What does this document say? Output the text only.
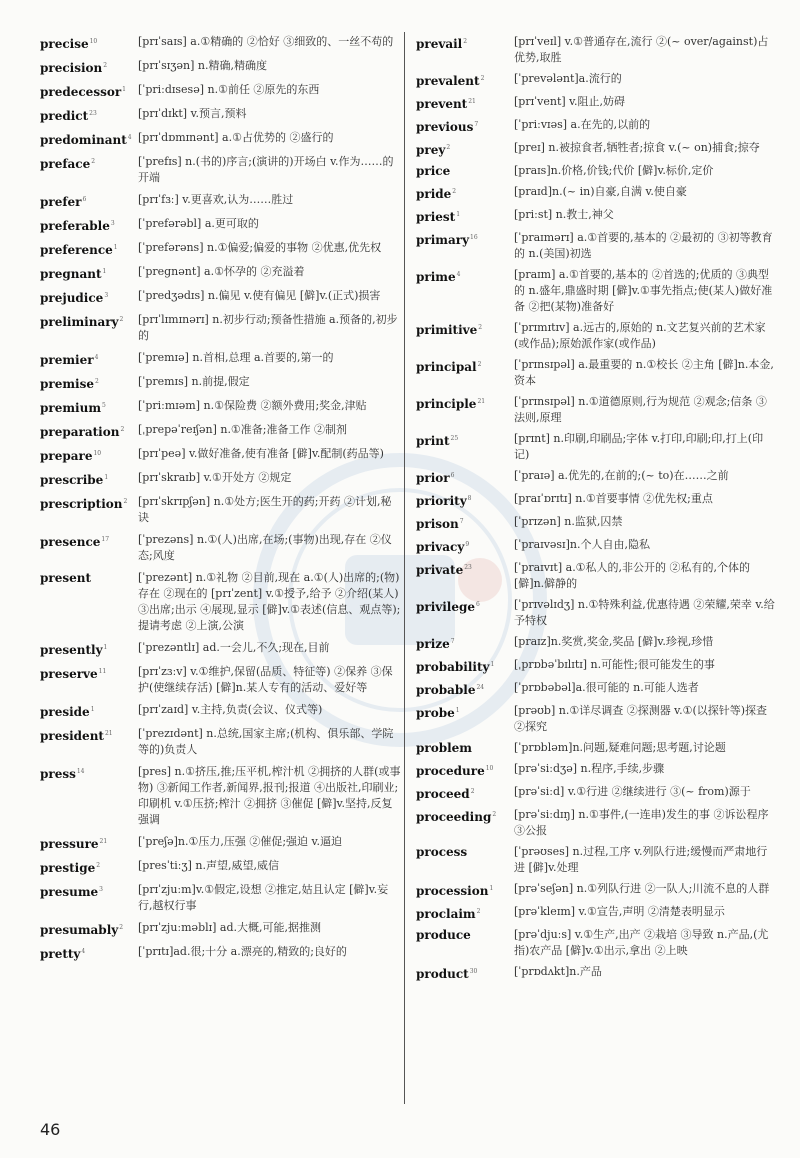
precise$^{10}$	[prɪˈsaɪs] a.①精确的 ②恰好 ③细致的、一丝不苟的
precision$^2$	[prɪˈsɪʒən] n.精确,精确度
predecessor$^1$	[ˈpriːdɪsesə] n.①前任 ②原先的东西
predict$^{23}$	[prɪˈdɪkt] v.预言,预料
predominant$^4$ [prɪˈdɒmɪnənt] a.①占优势的 ②盛行的
preface$^2$	[ˈprefɪs] n.(书的)序言;(演讲的)开场白 v.作为……的开端
prefer$^6$	[prɪˈfɜː] v.更喜欢,认为……胜过
preferable$^3$	[ˈprefərəbl] a.更可取的
preference$^1$	[ˈprefərəns] n.①偏爱;偏爱的事物 ②优惠,优先权
pregnant$^1$	[ˈpregnənt] a.①怀孕的 ②充溢着
prejudice$^3$	[ˈpredʒədɪs] n.偏见 v.使有偏见 [僻]v.(正式)损害
preliminary$^2$	[prɪˈlɪmɪnərɪ] n.初步行动;预备性措施 a.预备的,初步的
premier$^4$	[ˈpremɪə] n.首相,总理 a.首要的,第一的
premise$^2$	[ˈpremɪs] n.前提,假定
premium$^5$	[ˈpriːmɪəm] n.①保险费 ②额外费用;奖金,津贴
preparation$^2$	[ˌprepəˈreɪʃən] n.①准备;准备工作 ②制剂
prepare$^{10}$	[prɪˈpeə] v.做好准备,使有准备 [僻]v.配制(药品等)
prescribe$^1$	[prɪˈskraɪb] v.①开处方 ②规定
prescription$^2$ [prɪˈskrɪpʃən] n.①处方;医生开的药;开药 ②计划,秘诀
presence$^{17}$	[ˈprezəns] n.①(人)出席,在场;(事物)出现,存在 ②仪态;风度
present	[ˈprezənt] n.①礼物 ②目前,现在 a.①(人)出席的;(物)存在 ②现在的 [prɪˈzent] v.①授予,给予 ②介绍(某人) ③出席;出示 ④展现,显示 [僻]v.①表述(信息、观点等);提请考虑 ②上演,公演
presently$^1$	[ˈprezəntlɪ] ad.一会儿,不久;现在,目前
preserve$^{11}$	[prɪˈzɜːv] v.①维护,保留(品质、特征等) ②保养 ③保护(使继续存活) [僻]n.某人专有的活动、爱好等
preside$^1$	[prɪˈzaɪd] v.主持,负责(会议、仪式等)
president$^{21}$	[ˈprezɪdənt] n.总统,国家主席;(机构、俱乐部、学院等的)负责人
press$^{14}$	[pres] n.①挤压,推;压平机,榨汁机 ②拥挤的人群(或事物) ③新闻工作者,新闻界,报刊;报道 ④出版社,印刷业;印刷机 v.①压挤;榨汁 ②拥挤 ③催促 [僻]v.坚持,反复强调
pressure$^{21}$	[ˈpreʃə]n.①压力,压强 ②催促;强迫 v.逼迫
prestige$^2$	[presˈtiːʒ] n.声望,威望,威信
presume$^3$	[prɪˈzjuːm]v.①假定,设想 ②推定,姑且认定 [僻]v.妄行,越权行事
presumably$^2$	[prɪˈzjuːməblɪ] ad.大概,可能,据推测
pretty$^4$	[ˈprɪtɪ]ad.很;十分 a.漂亮的,精致的;良好的
prevail$^2$	[prɪˈveɪl] v.①普通存在,流行 ②(~ over/against)占优势,取胜
prevalent$^2$	[ˈprevələnt]a.流行的
prevent$^{21}$	[prɪˈvent] v.阻止,妨碍
previous$^7$	[ˈpriːvɪəs] a.在先的,以前的
prey$^2$	[preɪ] n.被掠食者,牺牲者;掠食 v.(~ on)捕食;掠夺
price	[praɪs]n.价格,价钱;代价 [僻]v.标价,定价
pride$^2$	[praɪd]n.(~ in)自豪,自满 v.使自豪
priest$^1$	[priːst] n.教士,神父
primary$^{16}$	[ˈpraɪmərɪ] a.①首要的,基本的 ②最初的 ③初等教育的 n.(美国)初选
prime$^4$	[praɪm] a.①首要的,基本的 ②首选的;优质的 ③典型的 n.盛年,鼎盛时期 [僻]v.①事先指点;使(某人)做好准备 ②把(某物)准备好
primitive$^2$	[ˈprɪmɪtɪv] a.远古的,原始的 n.文艺复兴前的艺术家(或作品);原始派作家(或作品)
principal$^2$	[ˈprɪnsɪpəl] a.最重要的 n.①校长 ②主角 [僻]n.本金,资本
principle$^{21}$	[ˈprɪnsɪpəl] n.①道德原则,行为规范 ②观念;信条 ③法则,原理
print$^{25}$	[prɪnt] n.印刷,印刷品;字体 v.打印,印刷;印,打上(印记)
prior$^6$	[ˈpraɪə] a.优先的,在前的;(~ to)在……之前
priority$^8$	[praɪˈɒrɪtɪ] n.①首要事情 ②优先权;重点
prison$^7$	[ˈprɪzən] n.监狱,囚禁
privacy$^9$	[ˈpraɪvəsɪ]n.个人自由,隐私
private$^{23}$	[ˈpraɪvɪt] a.①私人的,非公开的 ②私有的,个体的 [僻]n.僻静的
privilege$^6$	[ˈprɪvəlɪdʒ] n.①特殊利益,优惠待遇 ②荣耀,荣幸 v.给予特权
prize$^7$	[praɪz]n.奖赏,奖金,奖品 [僻]v.珍视,珍惜
probability$^1$	[ˌprɒbəˈbɪlɪtɪ] n.可能性;很可能发生的事
probable$^{24}$	[ˈprɒbəbəl]a.很可能的 n.可能人选者
probe$^1$	[prəʊb] n.①详尽调查 ②探测器 v.①(以探针等)探查 ②探究
problem	[ˈprɒbləm]n.问题,疑难问题;思考题,讨论题
procedure$^{10}$	[prəˈsiːdʒə] n.程序,手续,步骤
proceed$^2$	[prəˈsiːd] v.①行进 ②继续进行 ③(~ from)源于
proceeding$^2$	[prəˈsiːdɪŋ] n.①事件,(一连串)发生的事 ②诉讼程序 ③公报
process	[ˈprəʊses] n.过程,工序 v.列队行进;缓慢而严肃地行进 [僻]v.处理
procession$^1$	[prəˈseʃən] n.①列队行进 ②一队人;川流不息的人群
proclaim$^2$	[prəˈkleɪm] v.①宣告,声明 ②清楚表明显示
produce	[prəˈdjuːs] v.①生产,出产 ②栽培 ③导致 n.产品,(尤指)农产品 [僻]v.①出示,拿出 ②上映
product$^{30}$	[ˈprɒdʌkt]n.产品
46
